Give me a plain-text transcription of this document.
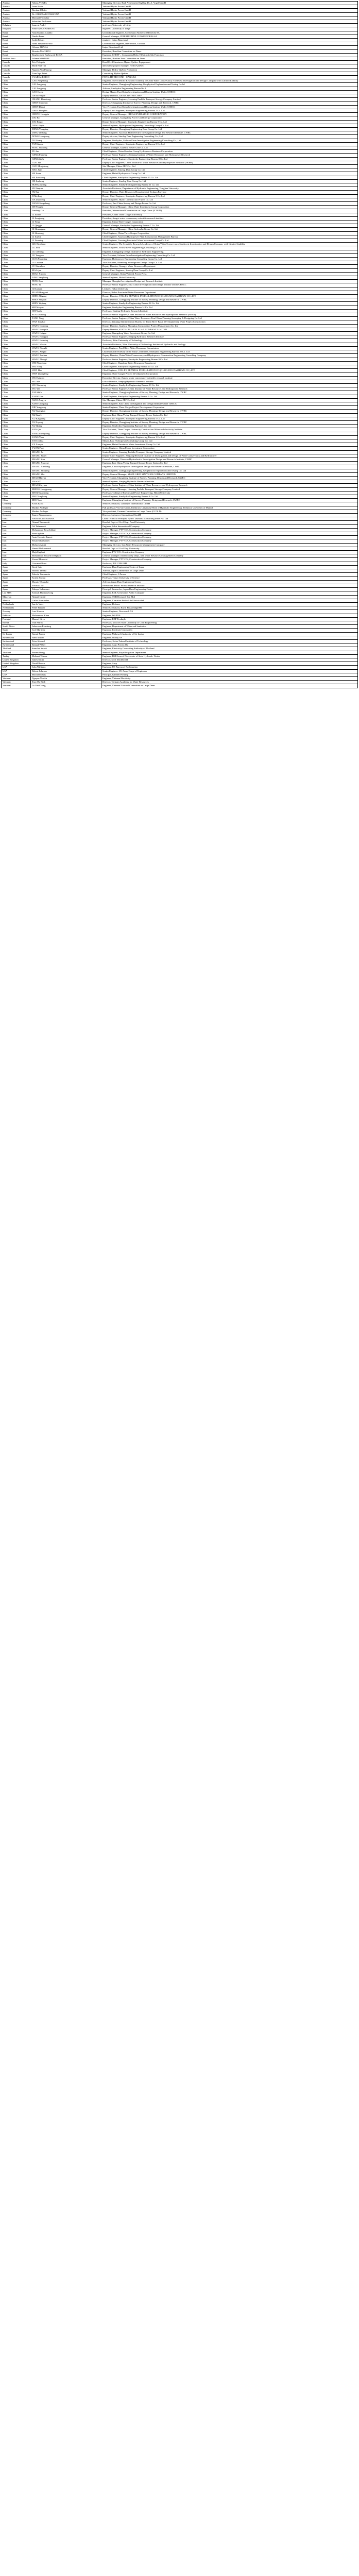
Austria	Alfons VOGEL	Managing Director, Rudi Assessment Digl Ing Dr. A. Vogel GmbH
Austria	Anna Hofer	Verbund Hydro Power GmbH
Austria	Bernhard Hofer	Verbund Hydro Power GmbH
Austria	Dr. JAKUBA KATARSYNA	Verbund Hydro Power GmbH
Austria	Michael Frötscher	Verbund Hydro Power GmbH
Austria	Sebastian Perlhamer	Verbund Hydro Power GmbH
Belgium	Laurent André	professor, University of Liège
Belgium	Pierre ARCHAMBEAU	engineer, University of Liège
Brazil	Alan Martins Catalão	Geotechnical Engineer, Construtora Norberto Odebrecht SA
Brazil	Danilo Perez	General Manager, INTERTECHNE CONSULTORES SA
Brazil	Joshit Fakins	engineer, Itaipu Binacional
Brazil	Anna Junqueira Filho	Geotechnical Engineer, Intertechne, Curitiba
Brazil	Orleans FRAGA	Itaipu Binacional Ltd
Brazil	Ricardo MAGRINI	President, Brazilian Committee on Dams
Brazil	Rogério José Barbosa de ROSA	Engineer, CHESF – Companhia Hidro Elétrica do São Francisco
Burkina Faso	Adama NOMBRE	President, Burkina Faso Committee on Dams
Canada	Éric Peloquin	Head Civil Structures, Hydro-Québec Équipement
Canada	Mark Paul Tan	dam safety project manager, Hydro-Québec
Canada	Nguyen Van Phuong	Manager, Hydro-Québec Production
Canada	Tuan Ngo Trinh	Consulting, Hydro-Québec
Canada	VLAD ALEXICO	P.ENG, HYDRO ONE - CANADA
China	CAO Ningsheng	Engineer, The Scientific Research Academy of China Water Conservancy Northwest Investigation and Design Company with Limited Liability
China	CAI Jiangping	Senior Engineer, Changjiang Engineering, Geophysical Exploration and Testing Co ltd
China	CAI Jiangping	Advisor, Sinohydro Engineering Bureau No.1
China	CAO Kexin	Design Master, East China Investigation and Design Institute Under CHECC
China	CHAI Fengde	Deputy Director, CHINA WATER CORP
China	CHANG Hanzhong	Professor Senior Engineer, Liaoning Puzhihe Transport Storage Company Limited
China	CHEN Chaomin	Director, Changjiang Institute of Survey, Planning, Design and Research, CWRC
China	CHEN Dahui	Vice President, East China Investigation and Design Institute Under CHECC
China	CHEN Hongbin	Deputy Chief Engineer, Sinohydro Engineering Bureau 2 Co. Ltd
China	CHENG Hongqin	Deputy General Manager, CHINA HYDRAULIC CORPORATION
China	DAI Bo	General Manager, Guangdong Power Grid Energy Corporation
China	DAI Bingo	Deputy General Manager, Sinohydro Engineering Bureau 5 Co. Ltd
China	DENG Jiajie	Senior Engineer, Hydropower Engineering Consulting Group Co. Ltd
China	DENG Yongping	Deputy Director, Changjiang Engineering Dam Group Co. Ltd
China	DING Yanhang	Senior Engineer, Xiaowan Hydroelectric Investigation Design and Research Institute, CWRC
China	DONG Liangsong	Deputy director, Sinolog Dam Engineering Consulting Co., Ltd
China	DU Guang	Engineer, Sinohydro, Sichuan Ertan Investigation Engineering Consulting Co., Ltd
China	FAN Jianpu	Deputy Chief Engineer, Sinohydro Engineering Bureau 3 Co. Ltd
China	FENG Jinzhong	General Manager, Guizhou Power Grid Co. Ltd
China	FU Jun	Chief Engineer, China Guodian Group Hydropower Business Corporation
China	GENG Fusheng	Professor Senior Engineer, Zhejiang Institute of Water Resources and Hydropower Research
China	GENG Jinfu	Professor Senior Engineer, Sinohydro Engineering Bureau 8 Co. Ltd
China	GUO Jun	Deputy Chief Engineer, China Institute of Water Resources and Hydropower Research (IWHR)
China	GUO Mingsheng	Site Manager, China AEF Co., Ltd
China	HAO Juan	Chief Engineer, Sinolog Dam Group Co. Ltd
China	HE Jiaren	Engineer, Hubei Hydropower Group Co. Ltd
China	HE Jianxiong	Chief Engineer, Sinohydro Engineering Bureau 15 Co. Ltd
China	HE Jinsheng	Senior Engineer, Sinolog Dam Group Co. Ltd
China	HONG Jisheng	Senior Engineer, Sinohydro Engineering Bureau 11 Co. Ltd
China	HU Jianjun	Associate Professor, Department of Hydraulic Engineering, Tsinghua University
China	HU Jun	Deputy Director, Water Resources Department of Sichuan Province
China	JI Meiling	Deputy Chief Engineer, Sinohydro Engineering Bureau 3 Co. Ltd
China	JIA Zhaofeng	Senior Engineer, Hydro Construction Project Co. Ltd
China	JIANG Songsheng	Professor, East China Survey and Design Power Co. Ltd
China	JIN Yonglin	Deputy General Manager, China Water Investment Group Corporation
China	Jianfeng GA	President, International Commission on Large Dams (ICOLD)
China	LI Jianlin	President, China Three Gorges University
China	LI Jiangheng	President, Jiangxi water conservancy scientific research institute
China	LI Yong	Engineer, China Three Gorges Corporation
China	LI Qinggu	General Manager, Sinohydro Engineering Bureau 7 Co. Ltd
China	LI Shuangyun	Deputy General Manager, China Gezhouba Group Co. Ltd
China	LI Shuxiang	Chief Engineer, China Three Gorges Corporation
China	LI Xuelin	Chief Engineer, Xiaowan Hydropower Plant Construction Management Bureau
China	LI Yaoming	Chief Engineer, Liaoning Provincial Water Investment Group Co. Ltd
China	LIU Xinsheng	Senior Engineer, The Scientific Research Academy of China Water Conservancy Northwest Investigation and Design Company with Limited Liability
China	LU Jiefu	Senior Engineer, Yellow River Engineering Consulting Co. Ltd
China	LU Lizhong	Engineer, Changjiang Design Institute of Hydraulic Engineering
China	LU Yongxin	Vice President, Sichuan Ertan Investigation Engineering Consulting Co. Ltd
China	LUO Zhaoming	Engineer, Hydropower Engineering Consulting Group Co. Ltd
China	LV Guohua	Vice President, Shandong Investigation Design Group Co. Ltd
China	LV Xiaozhou	Deputy Director, Guangxi Water Resources Department
China	MA Lijun	Deputy Chief Engineer, Sinolog Dam Group Co. Ltd
China	MIAO Xuwen	General Manager, China Water & Power Press
China	NING Yanghong	Senior Engineer, Hohai University
China	PENG Dan	Manager, Shanghai Investigation Design and Research Institute
China	PENG Yu	Professor Senior Engineer, East China Investigation and Design Institute Under CHECC
China	QI Lianjun	Lecturer, Hohai University
China	RUAN Hongwei	Director, Hubei Provincial Water Resources Department
China	SHEN Zhigang	Deputy Director, VALLEY REPAIR & INSTALLATION CO (GUOGANG DAZHUYU CO.) LTD
China	SHEN Shiyuan	Deputy Director, Changjiang Institute of Survey, Planning, Design and Research, CWRC
China	SHEN Yiqiang	Senior Engineer, Sinohydro Engineering Bureau 14 Co. Ltd
China	SHI Meiyan	Engineer, Sinohydro Engineering Bureau 14 Co. Ltd
China	SHI Yuzhu	Professor, Nanjing Hydraulic Research Institute
China	SUN Zhuhong	Professor Senior Engineer, China Institute of Water Resources and Hydropower Research (IWHR)
China	TANG Yang	Professor Senior Engineer, China Water Resources Pearl River Planning Surveying & Designing Co. Ltd
China	WAN Liuzhai	Director, Xinjiang Administration Bureau for Tarim River Basin Development & Water Project Construction
China	WANG Guiming	Deputy Director, Guizhou Zhonghua Construction Project Management Co. Ltd
China	WANG Hongxiu	Deputy Director, STATE GRID XIN YUAN COMPANY LIMITED
China	WANG Haigen	Engineer, Guangdong Water Investment Group Co. Ltd
China	WANG Hongqiu	Professor Senior Engineer, Nanjing Hydraulic Research Institute
China	WANG Huiming	Professor, Xi'an University of Technology
China	WANG Weixin	Associate Professor, Xi'an University of Technology Institute of Hydraulic and Ecology
China	WANG Xianzhi	Senior Engineer, Pearl River Water Resources Commission
China	WANG Xingfu	Chairman and Secretary of the Party Committee, Sinohydro Engineering Bureau 10 Co. Ltd
China	WANG Xuehua	Deputy Director, China Water Conservancy and Hydropower Construction Engineering Consulting Company
China	WANG Zhongli	Professor Senior Engineer, Sinohydro Engineering Bureau 9 Co. Ltd
China	WEI Wenxiang	Chief Engineer, Shandong Water Resources Department
China	WEI Yong	Chief Engineer, Sinohydro Engineering Bureau 10 Co. Ltd
China	WEN Hao	Chief Engineer, VALLEY REPAIR & INSTALLATION CO (GUOGANG DAZHUYU CO.) LTD
China	WEN Zhongfeng	Engineer, Three Gorges Project Development Corporation
China	WU Haishen	Executive Director, Jiangxi water conservancy scientific research institute
China	WU Mei	Office Director, Nanjing Hydraulic Research Institute
China	WU Xiaoming	Senior Engineer, Sinohydro Engineering Bureau 10 Co. Ltd
China	WU Yan	Professor Senior Engineer, China Institute of Water Resources and Hydropower Research
China	XIA Shifa	Senior Engineer, Changjiang Institute of Survey, Planning, Design and Research, CWRC
China	XIANG Jun	Chief Engineer, Sinohydro Engineering Bureau 6 Co. Ltd
China	XIAO Zongyu	Site Manager, China AEF Co. Ltd
China	XIAO Guoqiang	Senior Engineer, East China Investigation and Design Institute Under CHECC
China	XIE Yongsong	Senior Engineer, Three Gorges Project Development Corporation
China	XU Guangjun	Deputy Director, Changjiang Institute of Survey, Planning, Design and Research, CWRC
China	XU Jianfei	Engineer, East China Yixing Pumped Storage Power Station Co. Ltd
China	XU Kaiguang	Deputy Chief Engineer, Sinohydro Engineering Bureau 5 Co. Ltd
China	XU Liyong	Deputy Director, Changjiang Institute of Survey, Planning, Design and Research, CWRC
China	XU Qijing	Engineer, Sinohydro Engineering Bureau 3 Co. Ltd
China	YAN Qin	Vice President, Three Gorges University Construction Water and electricity Institute
China	YANG Shenghong	Deputy Director, Changjiang Institute of Survey, Planning, Design and Research, CWRC
China	YANG Yuan	Deputy Chief Engineer, Sinohydro Engineering Bureau 1 Co. Ltd
China	YAO Jiahua	Master, East Hydropower Consulting Group Co. Ltd
China	YE Xiaoyu	Engineer, Hubei Provincial Water Investment Group Co. Ltd
China	YUAN Ping	Senior Engineer, China Power Investment Corporation
China	ZHANG Jie	Senior Engineer, Liaoning Puzhihe Transport Storage Company Limited
China	ZHANG Jinpei	Deputy Chief Engineer, Zhejiang Research Institute of Investigation and Design of Water Conservancy and Hydropower
China	ZHANG Kun	General Manager, Xiaowan Hydroelectric Investigation Design and Research Institute, CWRC
China	ZHANG Xiaoxue	Engineer, East China Yixing Pumped Storage Power Station Co. Ltd
China	ZHANG Xinsheng	Engineer, China Hydropower Investigation Design and Research Institute, CWRC
China	ZHANG Zhiqiang	Senior Engineer, Changjiang Engineering, Geophysical Exploration and Testing Co. Ltd
China	ZHANG Zhe	Deputy General Manager, STATE GRID XIN YUAN COMPANY LIMITED
China	ZHAO Haiyan	Vice President, Changjiang Institute of Survey, Planning, Design and Research, CWRC
China	ZHAO Yi	Senior Engineer, Nanjing Hydraulic Research Institute
China	ZHAO Zhiyuan	Professor Senior Engineer, China Institute of Water Resources and Hydropower Research
China	ZHENG Hongguang	Deputy General Manager, Liaoning Puzhihe Transport Storage Company Limited
China	ZHOU Xiaoming	Professor, College of Energy and Power Engineering, Hohai University
China	ZHU Yonghong	Senior Engineer, Sinohydro Engineering Bureau 8 Co. Ltd
China	ZHU Yuan	Engineer, Changjiang Institute of Survey, Planning, Design and Research, CWRC
Germany	Klaus Kloss	Senior Consultant, Lahmeyer International GmbH
Germany	Markus Aufleger	Full professor/Vice-president, Innsbruck University/Head of Hydraulic Engineering, Technical University of Munich
Germany	Markus Aufleger	Vice president, German Committee on Large Dams (GCOLD)
Germany	Eugen Zimmermann	Director, Lahmeyer International GmbH
India	HARI RAM SHARMA	Chief Technical Principal, Hydro Tasmania Consulting India Pvt. Ltd
Iran	Ahmad Tahmasebi	Head of Dept. of Civil Eng., Azad University
Iran	Ali Tahmasebi	Engineer, Sabir International Company
Iran	Mohammad Reza Jabbari	Project Manager, FTV CO., Construction Company
Iran	Reza Aghaie	Project Manager, FTV CO., Construction Company
Iran	Amir Hossein Razavi	Project Manager, FTV CO., Construction Company
Iran	Ehsan Khanbabaei	Project Manager, FTV CO., Construction Company
Iran	Mohsen Amini	Managing Director, Iran Water Resources Management Company
Iran	Hamid Mohammadi	Head of Dept. of Civil Eng. University
Iran	Majid Aghaei	Engineer, FTV CO., Construction Company
Iran	Mohammad Hossein Dehghani	General Manager of Dam Safety Dept., Iran Water Resources Management Company
Iran	Yousef Hosseini	Project Manager, FTV CO., Construction Company
Italy	Giovanni Rossi	Professor, IUE CNR IRPI
Japan	Kenji Sato	Engineer, Dam Engineering Center of Japan
Japan	Hiroshi Tanaka	Advisor, Japan Commission on Large Dams
Japan	Takeshi Yamamoto	Chief Engineer, J-Power
Japan	Koichi Suzuki	Professor, Tokyo University of Science
Japan	Masato Watanabe	Advisor, Japan Dam Engineering Center
Japan	Yoshiaki Ito	Researcher, Public Works Research Institute
Japan	Takuya Nakamura	Principal Researcher, Japan Dam Engineering Center
Lao PDR	Somsak Phommavong	Engineer, EDL-Generation Public Company
Malaysia	Ahmad Ismail	Engineer, TNB Research Sdn Bhd
Mexico	Carlos Hernandez	Engineer, Comision Federal de Electricidad
Netherlands	Jan de Vries	Engineer, Deltares
Netherlands	Pieter Bakker	Senior Consultant, Royal HaskoningDHV
Norway	Lars Hansen	Senior Engineer, Norconsult AS
Pakistan	Muhammad Khan	Engineer, WAPDA
Portugal	Manuel Silva	Engineer, EDP Produção
Russia	Ivan Petrov	Professor, Moscow State University of Civil Engineering
South Africa	Johan van Rensburg	Engineer, Department of Water and Sanitation
Spain	José Martinez	Engineer, Iberdrola Generación
Sri Lanka	Kamal Perera	Engineer, Mahaweli Authority of Sri Lanka
Switzerland	Hans Müller	Engineer, Stucky SA
Switzerland	Peter Schmid	Professor, Swiss Federal Institute of Technology
Switzerland	Roland Weber	Engineer, Axpo Power AG
Thailand	Somchai Srisuk	Engineer, Electricity Generating Authority of Thailand
Thailand	Prasert Wong	Senior Engineer, Royal Irrigation Department
Turkey	Mehmet Yilmaz	Engineer, DSİ General Directorate of State Hydraulic Works
United Kingdom	James Smith	Director, Mott MacDonald
United Kingdom	David Brown	Engineer, Arup
USA	John Williams	Engineer, US Bureau of Reclamation
USA	Robert Johnson	Senior Engineer, US Army Corps of Engineers
USA	Michael Davis	Principal, Gannett Fleming
Vietnam	Nguyen Van An	Engineer, Vietnam Electricity
Vietnam	Tran Thi Binh	Director, Vietnam Academy for Water Resources
Vietnam	Le Van Cuong	Engineer, Vietnam National Committee on Large Dams
